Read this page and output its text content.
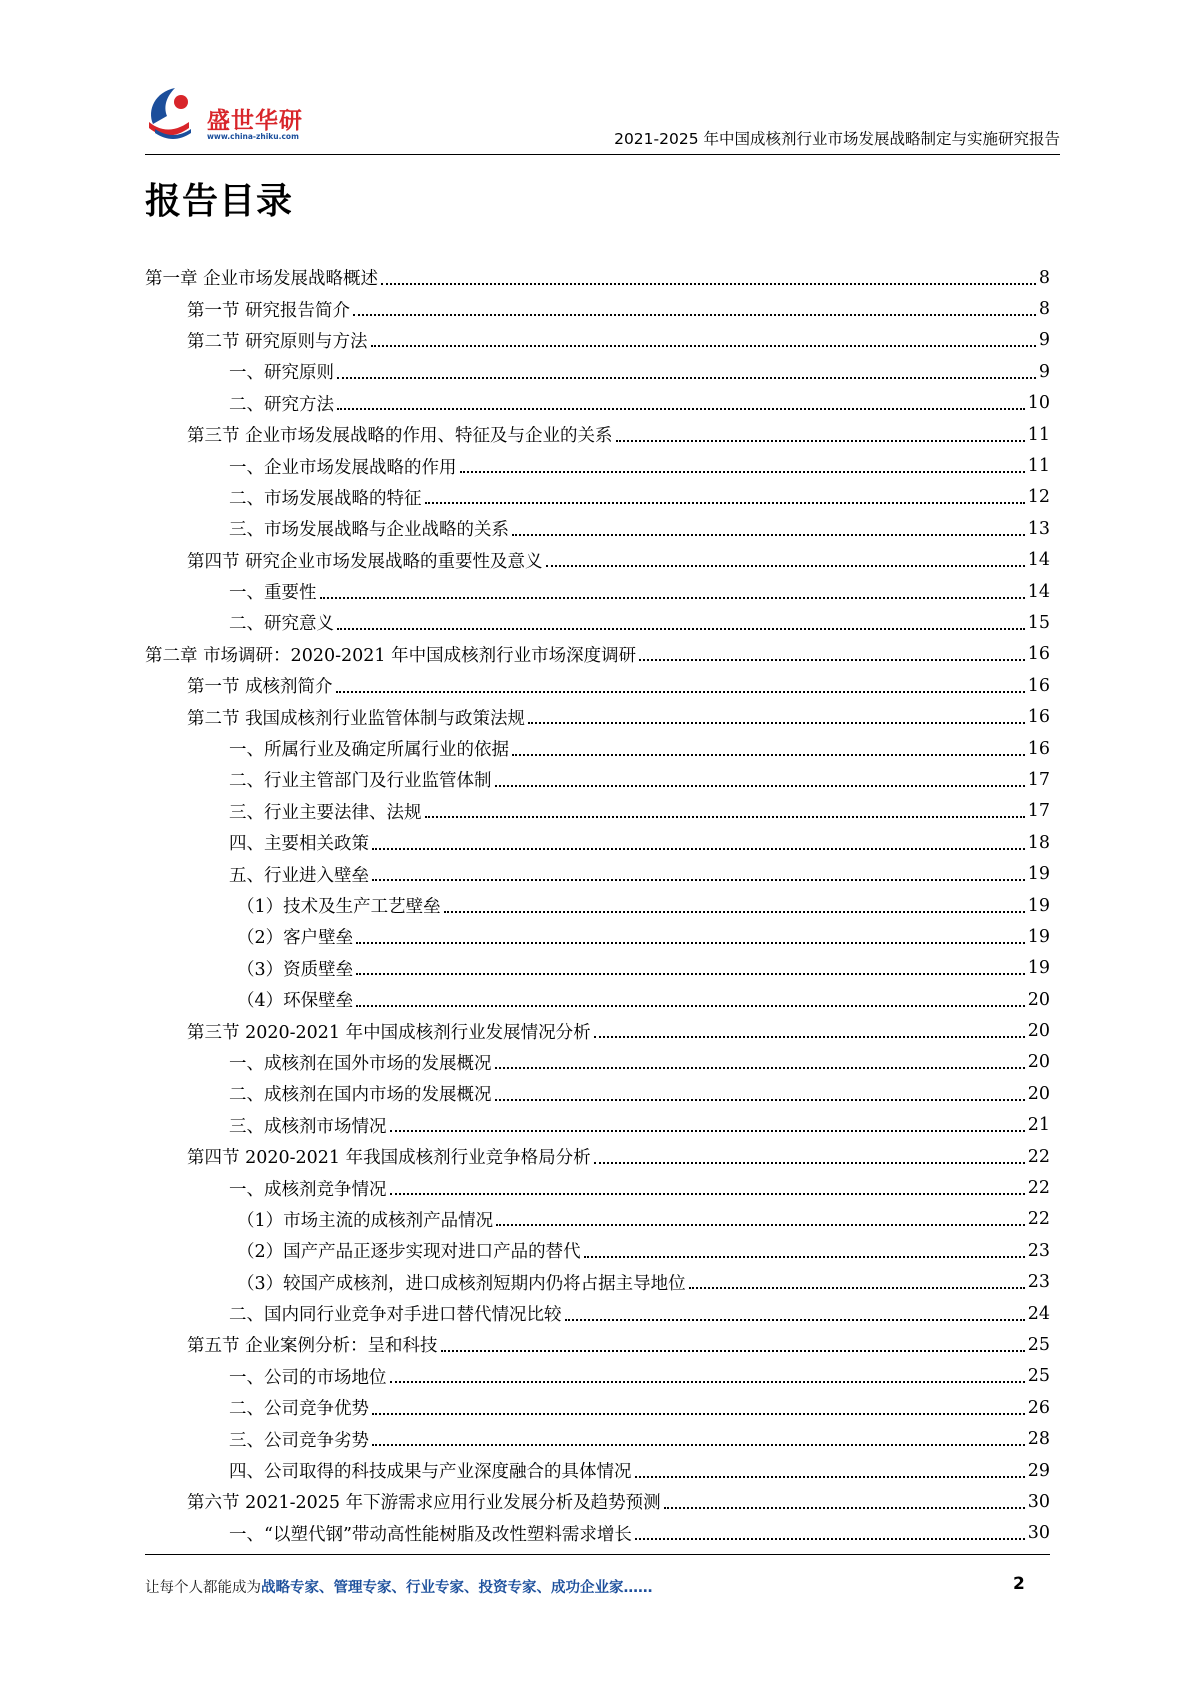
盛世华研
www.china-zhiku.com	2021-2025 年中国成核剂行业市场发展战略制定与实施研究报告
报告目录
第一章 企业市场发展战略概述	8
第一节 研究报告简介	8
第二节 研究原则与方法	9
一、研究原则	9
二、研究方法	10
第三节 企业市场发展战略的作用、特征及与企业的关系	11
一、企业市场发展战略的作用	11
二、市场发展战略的特征	12
三、市场发展战略与企业战略的关系	13
第四节 研究企业市场发展战略的重要性及意义	14
一、重要性	14
二、研究意义	15
第二章 市场调研：2020-2021 年中国成核剂行业市场深度调研	16
第一节 成核剂简介	16
第二节 我国成核剂行业监管体制与政策法规	16
一、所属行业及确定所属行业的依据	16
二、行业主管部门及行业监管体制	17
三、行业主要法律、法规	17
四、主要相关政策	18
五、行业进入壁垒	19
（1）技术及生产工艺壁垒	19
（2）客户壁垒	19
（3）资质壁垒	19
（4）环保壁垒	20
第三节 2020-2021 年中国成核剂行业发展情况分析	20
一、成核剂在国外市场的发展概况	20
二、成核剂在国内市场的发展概况	20
三、成核剂市场情况	21
第四节 2020-2021 年我国成核剂行业竞争格局分析	22
一、成核剂竞争情况	22
（1）市场主流的成核剂产品情况	22
（2）国产产品正逐步实现对进口产品的替代	23
（3）较国产成核剂，进口成核剂短期内仍将占据主导地位	23
二、国内同行业竞争对手进口替代情况比较	24
第五节 企业案例分析：呈和科技	25
一、公司的市场地位	25
二、公司竞争优势	26
三、公司竞争劣势	28
四、公司取得的科技成果与产业深度融合的具体情况	29
第六节 2021-2025 年下游需求应用行业发展分析及趋势预测	30
一、“以塑代钢”带动高性能树脂及改性塑料需求增长	30
让每个人都能成为战略专家、管理专家、行业专家、投资专家、成功企业家……	2
